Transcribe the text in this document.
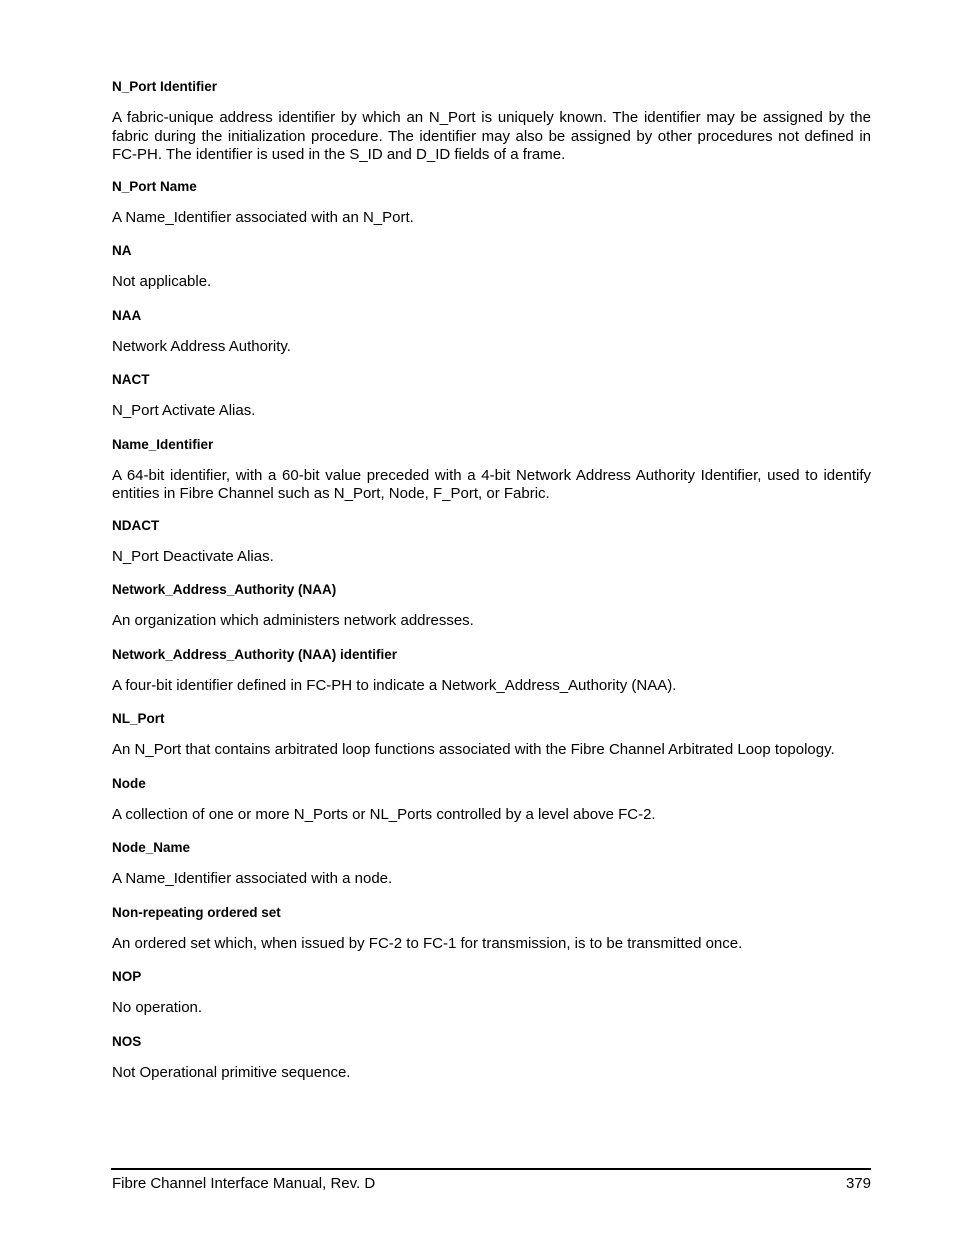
N_Port Identifier

A fabric-unique address identifier by which an N_Port is uniquely known. The identifier may be assigned by the fabric during the initialization procedure. The identifier may also be assigned by other procedures not defined in FC-PH. The identifier is used in the S_ID and D_ID fields of a frame.

N_Port Name

A Name_Identifier associated with an N_Port.

NA

Not applicable.

NAA

Network Address Authority.

NACT

N_Port Activate Alias.

Name_Identifier

A 64-bit identifier, with a 60-bit value preceded with a 4-bit Network Address Authority Identifier, used to identify entities in Fibre Channel such as N_Port, Node, F_Port, or Fabric.

NDACT

N_Port Deactivate Alias.

Network_Address_Authority (NAA)

An organization which administers network addresses.

Network_Address_Authority (NAA) identifier

A four-bit identifier defined in FC-PH to indicate a Network_Address_Authority (NAA).

NL_Port

An N_Port that contains arbitrated loop functions associated with the Fibre Channel Arbitrated Loop topology.

Node

A collection of one or more N_Ports or NL_Ports controlled by a level above FC-2.

Node_Name

A Name_Identifier associated with a node.

Non-repeating ordered set

An ordered set which, when issued by FC-2 to FC-1 for transmission, is to be transmitted once.

NOP

No operation.

NOS

Not Operational primitive sequence.

Fibre Channel Interface Manual, Rev. D	379
